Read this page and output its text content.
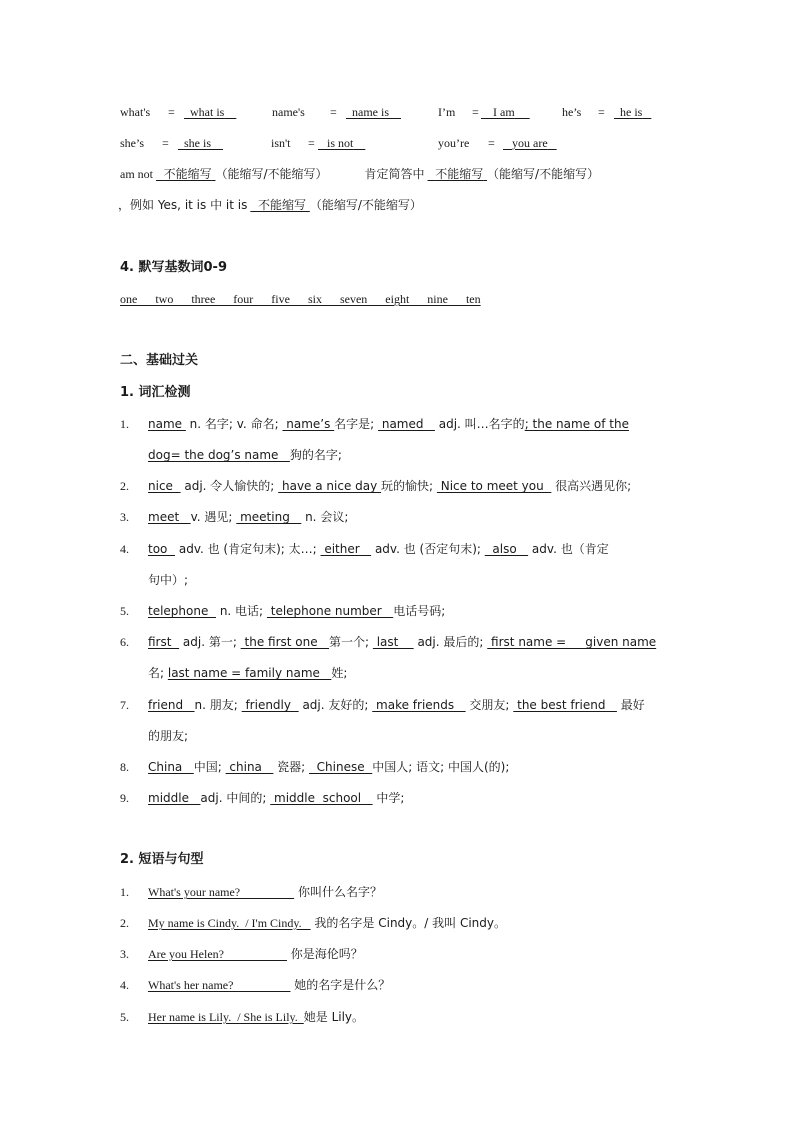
what's =	what is	name's =	name is	I’m =	I am	he’s =	he is
she’s =	she is	isn't =	is not	you’re =	you are
am not 不能缩写 （能缩写/不能缩写）	肯定简答中 不能缩写 （能缩写/不能缩写）
，例如 Yes, it is 中 it is 不能缩写 （能缩写/不能缩写）
4. 默写基数词0-9
one      two      three      four      five      six      seven      eight      nine      ten
二、基础过关
1. 词汇检测
1. name  n. 名字; v. 命名;  name’s 名字是;  named    adj. 叫…名字的; the name of the
dog= the dog’s name   狗的名字;
2. nice   adj. 令人愉快的;  have a nice day 玩的愉快;  Nice to meet you   很高兴遇见你;
3. meet   v. 遇见;  meeting    n. 会议;
4. too   adv. 也 (肯定句末); 太…;  either    adv. 也 (否定句末);   also    adv. 也（肯定
句中）;
5. telephone   n. 电话;  telephone number   电话号码;
6. first   adj. 第一;  the first one   第一个;  last     adj. 最后的;  first name =     given name
名; last name = family name   姓;
7. friend   n. 朋友;  friendly   adj. 友好的;  make friends    交朋友;  the best friend    最好
的朋友;
8. China   中国;  china    瓷器;   Chinese  中国人; 语文; 中国人(的);
9. middle   adj. 中间的;  middle  school    中学;
2. 短语与句型
1. What's your name?                   你叫什么名字？
2. My name is Cindy.  / I'm Cindy.    我的名字是 Cindy。/ 我叫 Cindy。
3. Are you Helen?                      你是海伦吗？
4. What's her name?                    她的名字是什么？
5. Her name is Lily.  / She is Lily.  她是 Lily。
